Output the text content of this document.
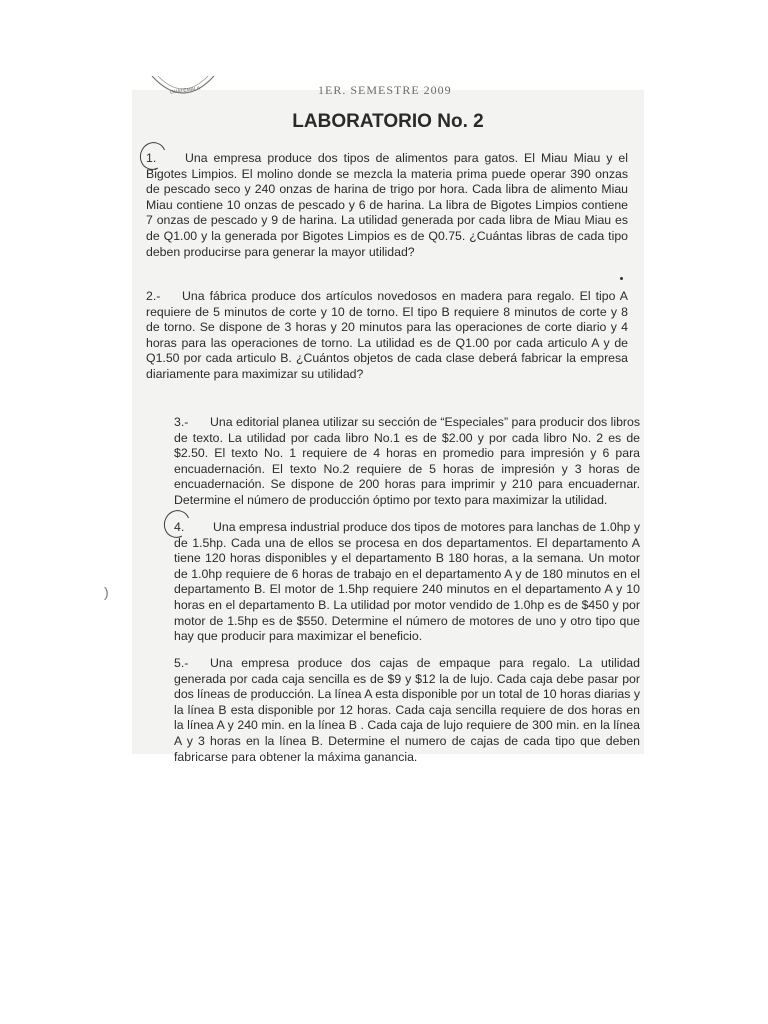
GUATEMALA	1ER. SEMESTRE 2009
LABORATORIO No. 2

1. Una empresa produce dos tipos de alimentos para gatos. El Miau Miau y el Bigotes Limpios. El molino donde se mezcla la materia prima puede operar 390 onzas de pescado seco y 240 onzas de harina de trigo por hora. Cada libra de alimento Miau Miau contiene 10 onzas de pescado y 6 de harina. La libra de Bigotes Limpios contiene 7 onzas de pescado y 9 de harina. La utilidad generada por cada libra de Miau Miau es de Q1.00 y la generada por Bigotes Limpios es de Q0.75. ¿Cuántas libras de cada tipo deben producirse para generar la mayor utilidad?

2.- Una fábrica produce dos artículos novedosos en madera para regalo. El tipo A requiere de 5 minutos de corte y 10 de torno. El tipo B requiere 8 minutos de corte y 8 de torno. Se dispone de 3 horas y 20 minutos para las operaciones de corte diario y 4 horas para las operaciones de torno. La utilidad es de Q1.00 por cada articulo A y de Q1.50 por cada articulo B. ¿Cuántos objetos de cada clase deberá fabricar la empresa diariamente para maximizar su utilidad?

3.- Una editorial planea utilizar su sección de “Especiales” para producir dos libros de texto. La utilidad por cada libro No.1 es de $2.00 y por cada libro No. 2 es de $2.50. El texto No. 1 requiere de 4 horas en promedio para impresión y 6 para encuadernación. El texto No.2 requiere de 5 horas de impresión y 3 horas de encuadernación. Se dispone de 200 horas para imprimir y 210 para encuadernar. Determine el número de producción óptimo por texto para maximizar la utilidad.

)

4. Una empresa industrial produce dos tipos de motores para lanchas de 1.0hp y de 1.5hp. Cada una de ellos se procesa en dos departamentos. El departamento A tiene 120 horas disponibles y el departamento B 180 horas, a la semana. Un motor de 1.0hp requiere de 6 horas de trabajo en el departamento A y de 180 minutos en el departamento B. El motor de 1.5hp requiere 240 minutos en el departamento A y 10 horas en el departamento B. La utilidad por motor vendido de 1.0hp es de $450 y por motor de 1.5hp es de $550. Determine el número de motores de uno y otro tipo que hay que producir para maximizar el beneficio.

5.- Una empresa produce dos cajas de empaque para regalo. La utilidad generada por cada caja sencilla es de $9 y $12 la de lujo. Cada caja debe pasar por dos líneas de producción. La línea A esta disponible por un total de 10 horas diarias y la línea B esta disponible por 12 horas. Cada caja sencilla requiere de dos horas en la línea A y 240 min. en la línea B . Cada caja de lujo requiere de 300 min. en la línea A y 3 horas en la línea B. Determine el numero de cajas de cada tipo que deben fabricarse para obtener la máxima ganancia.
